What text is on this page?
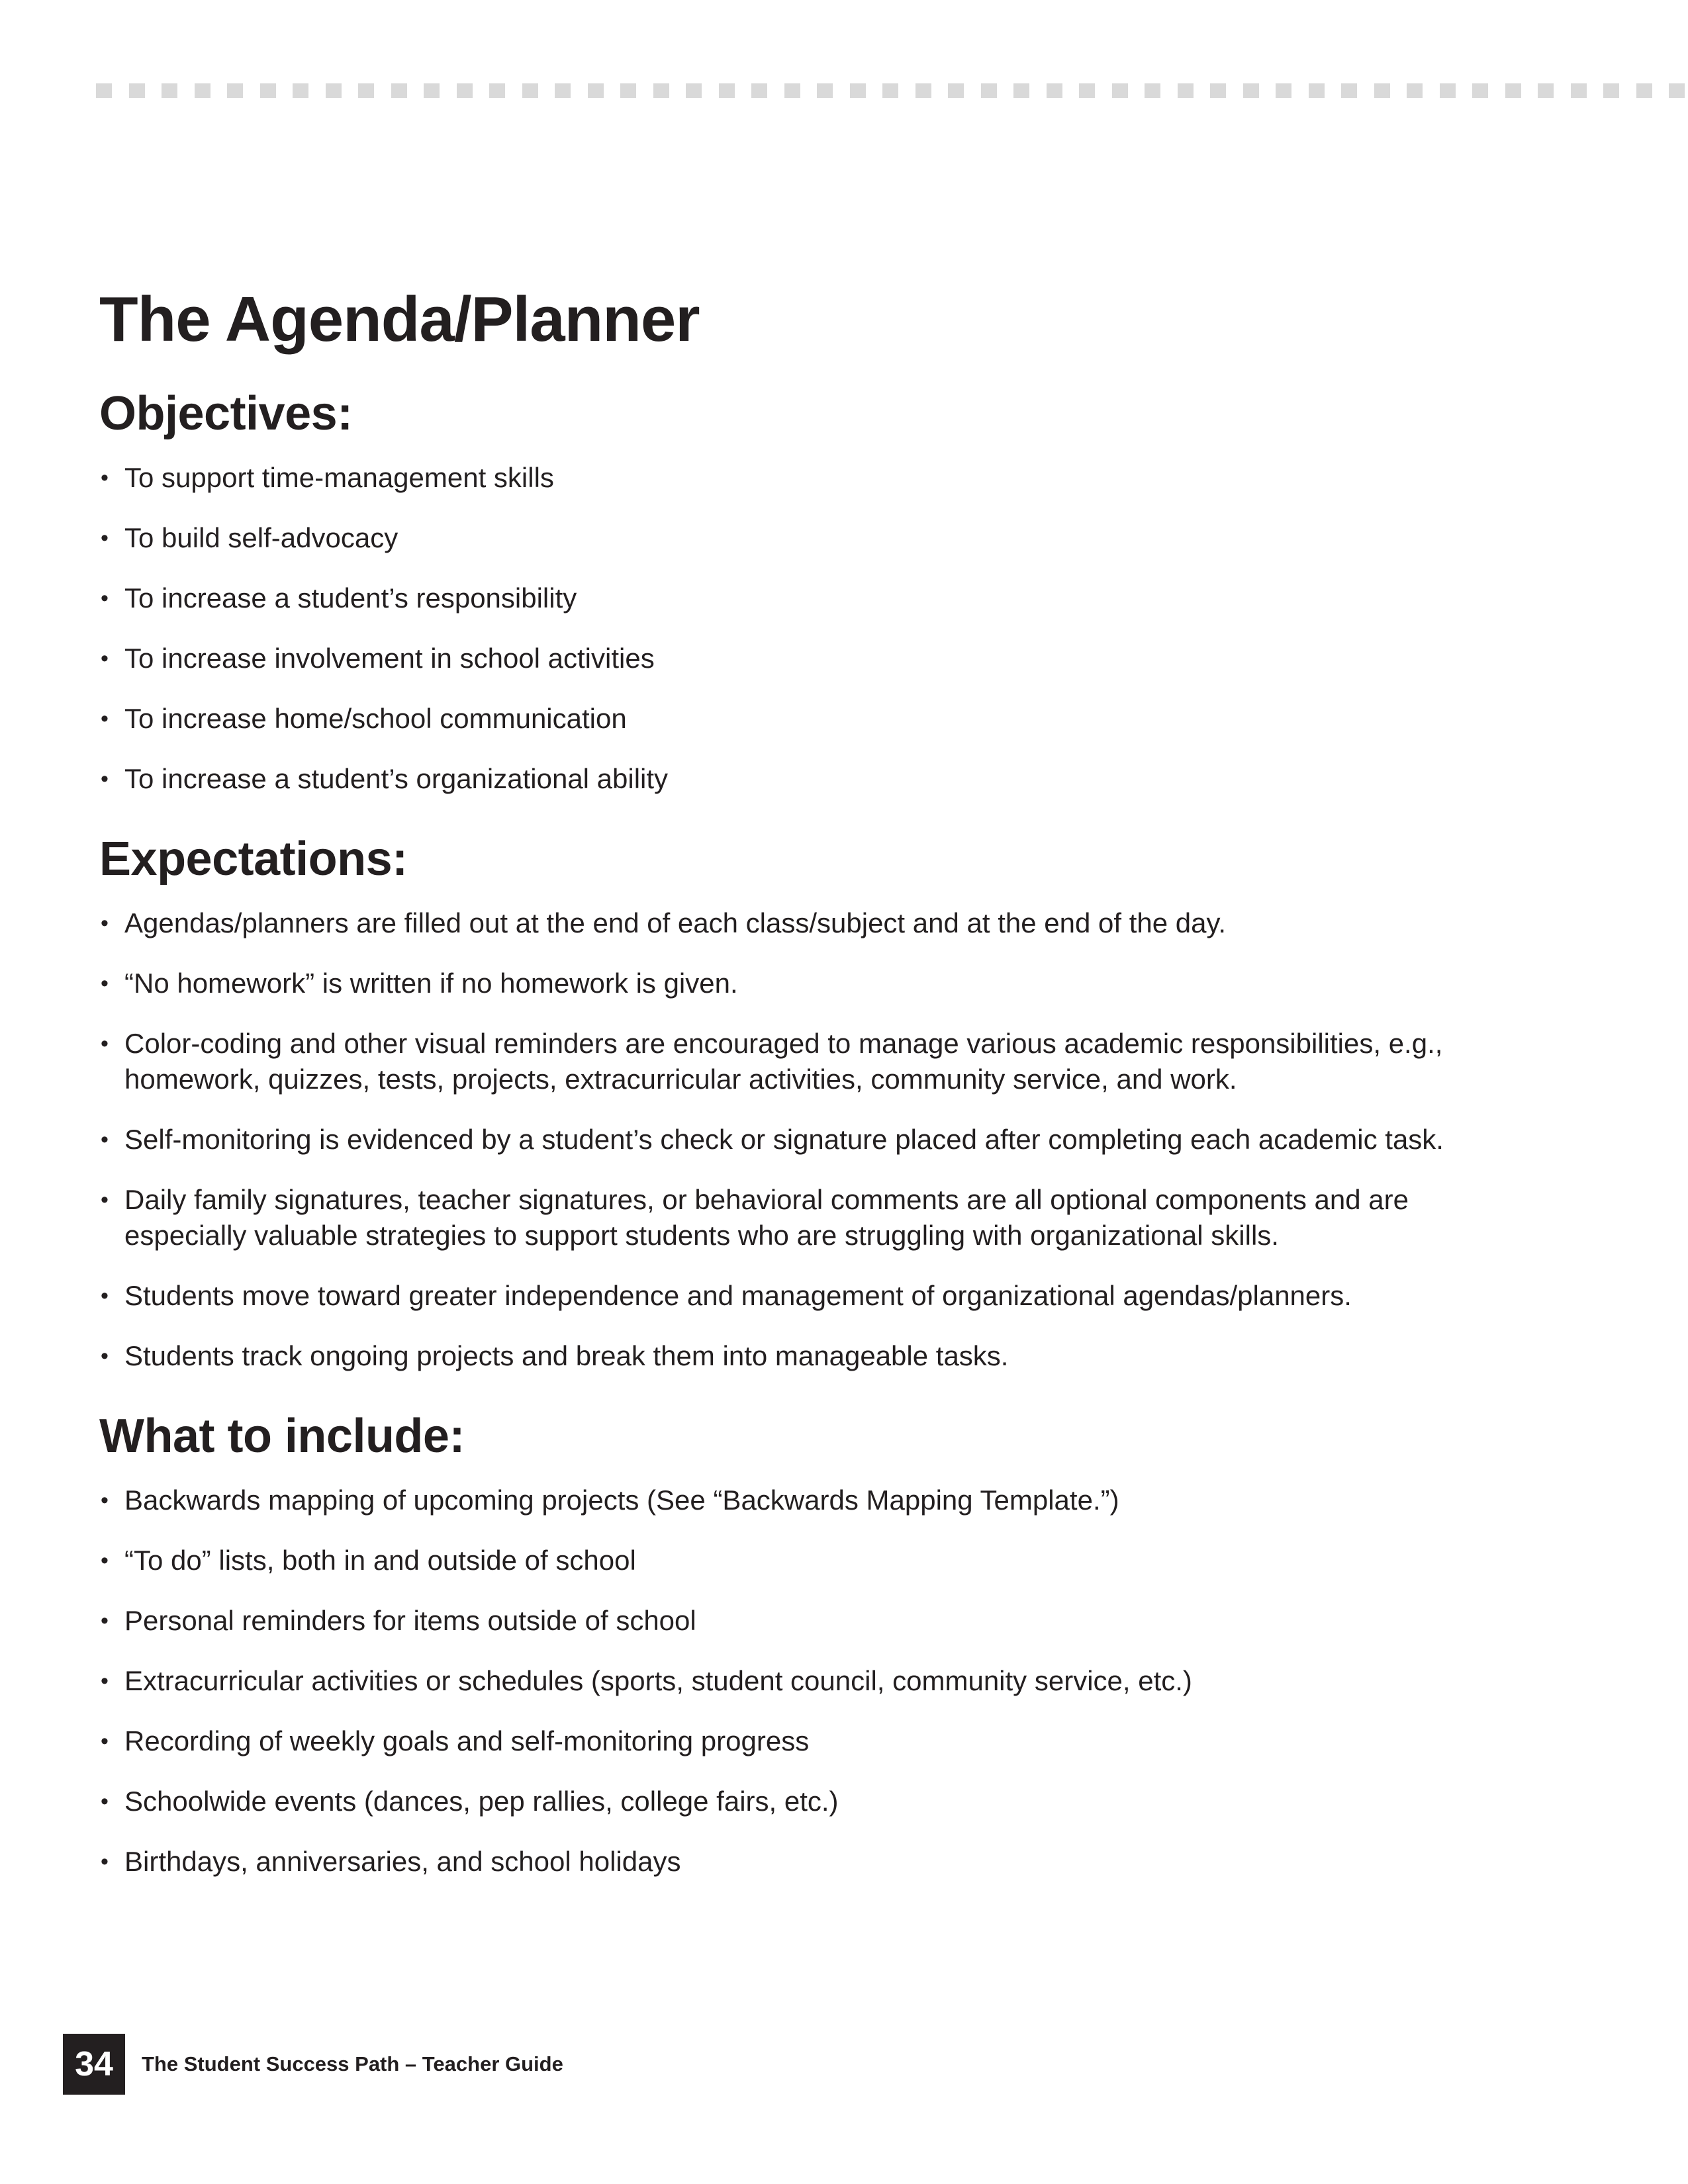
The Agenda/Planner
Objectives:
• To support time-management skills
• To build self-advocacy
• To increase a student’s responsibility
• To increase involvement in school activities
• To increase home/school communication
• To increase a student’s organizational ability
Expectations:
• Agendas/planners are filled out at the end of each class/subject and at the end of the day.
• “No homework” is written if no homework is given.
• Color-coding and other visual reminders are encouraged to manage various academic responsibilities, e.g., homework, quizzes, tests, projects, extracurricular activities, community service, and work.
• Self-monitoring is evidenced by a student’s check or signature placed after completing each academic task.
• Daily family signatures, teacher signatures, or behavioral comments are all optional components and are especially valuable strategies to support students who are struggling with organizational skills.
• Students move toward greater independence and management of organizational agendas/planners.
• Students track ongoing projects and break them into manageable tasks.
What to include:
• Backwards mapping of upcoming projects (See “Backwards Mapping Template.”)
• “To do” lists, both in and outside of school
• Personal reminders for items outside of school
• Extracurricular activities or schedules (sports, student council, community service, etc.)
• Recording of weekly goals and self-monitoring progress
• Schoolwide events (dances, pep rallies, college fairs, etc.)
• Birthdays, anniversaries, and school holidays
34	The Student Success Path – Teacher Guide
